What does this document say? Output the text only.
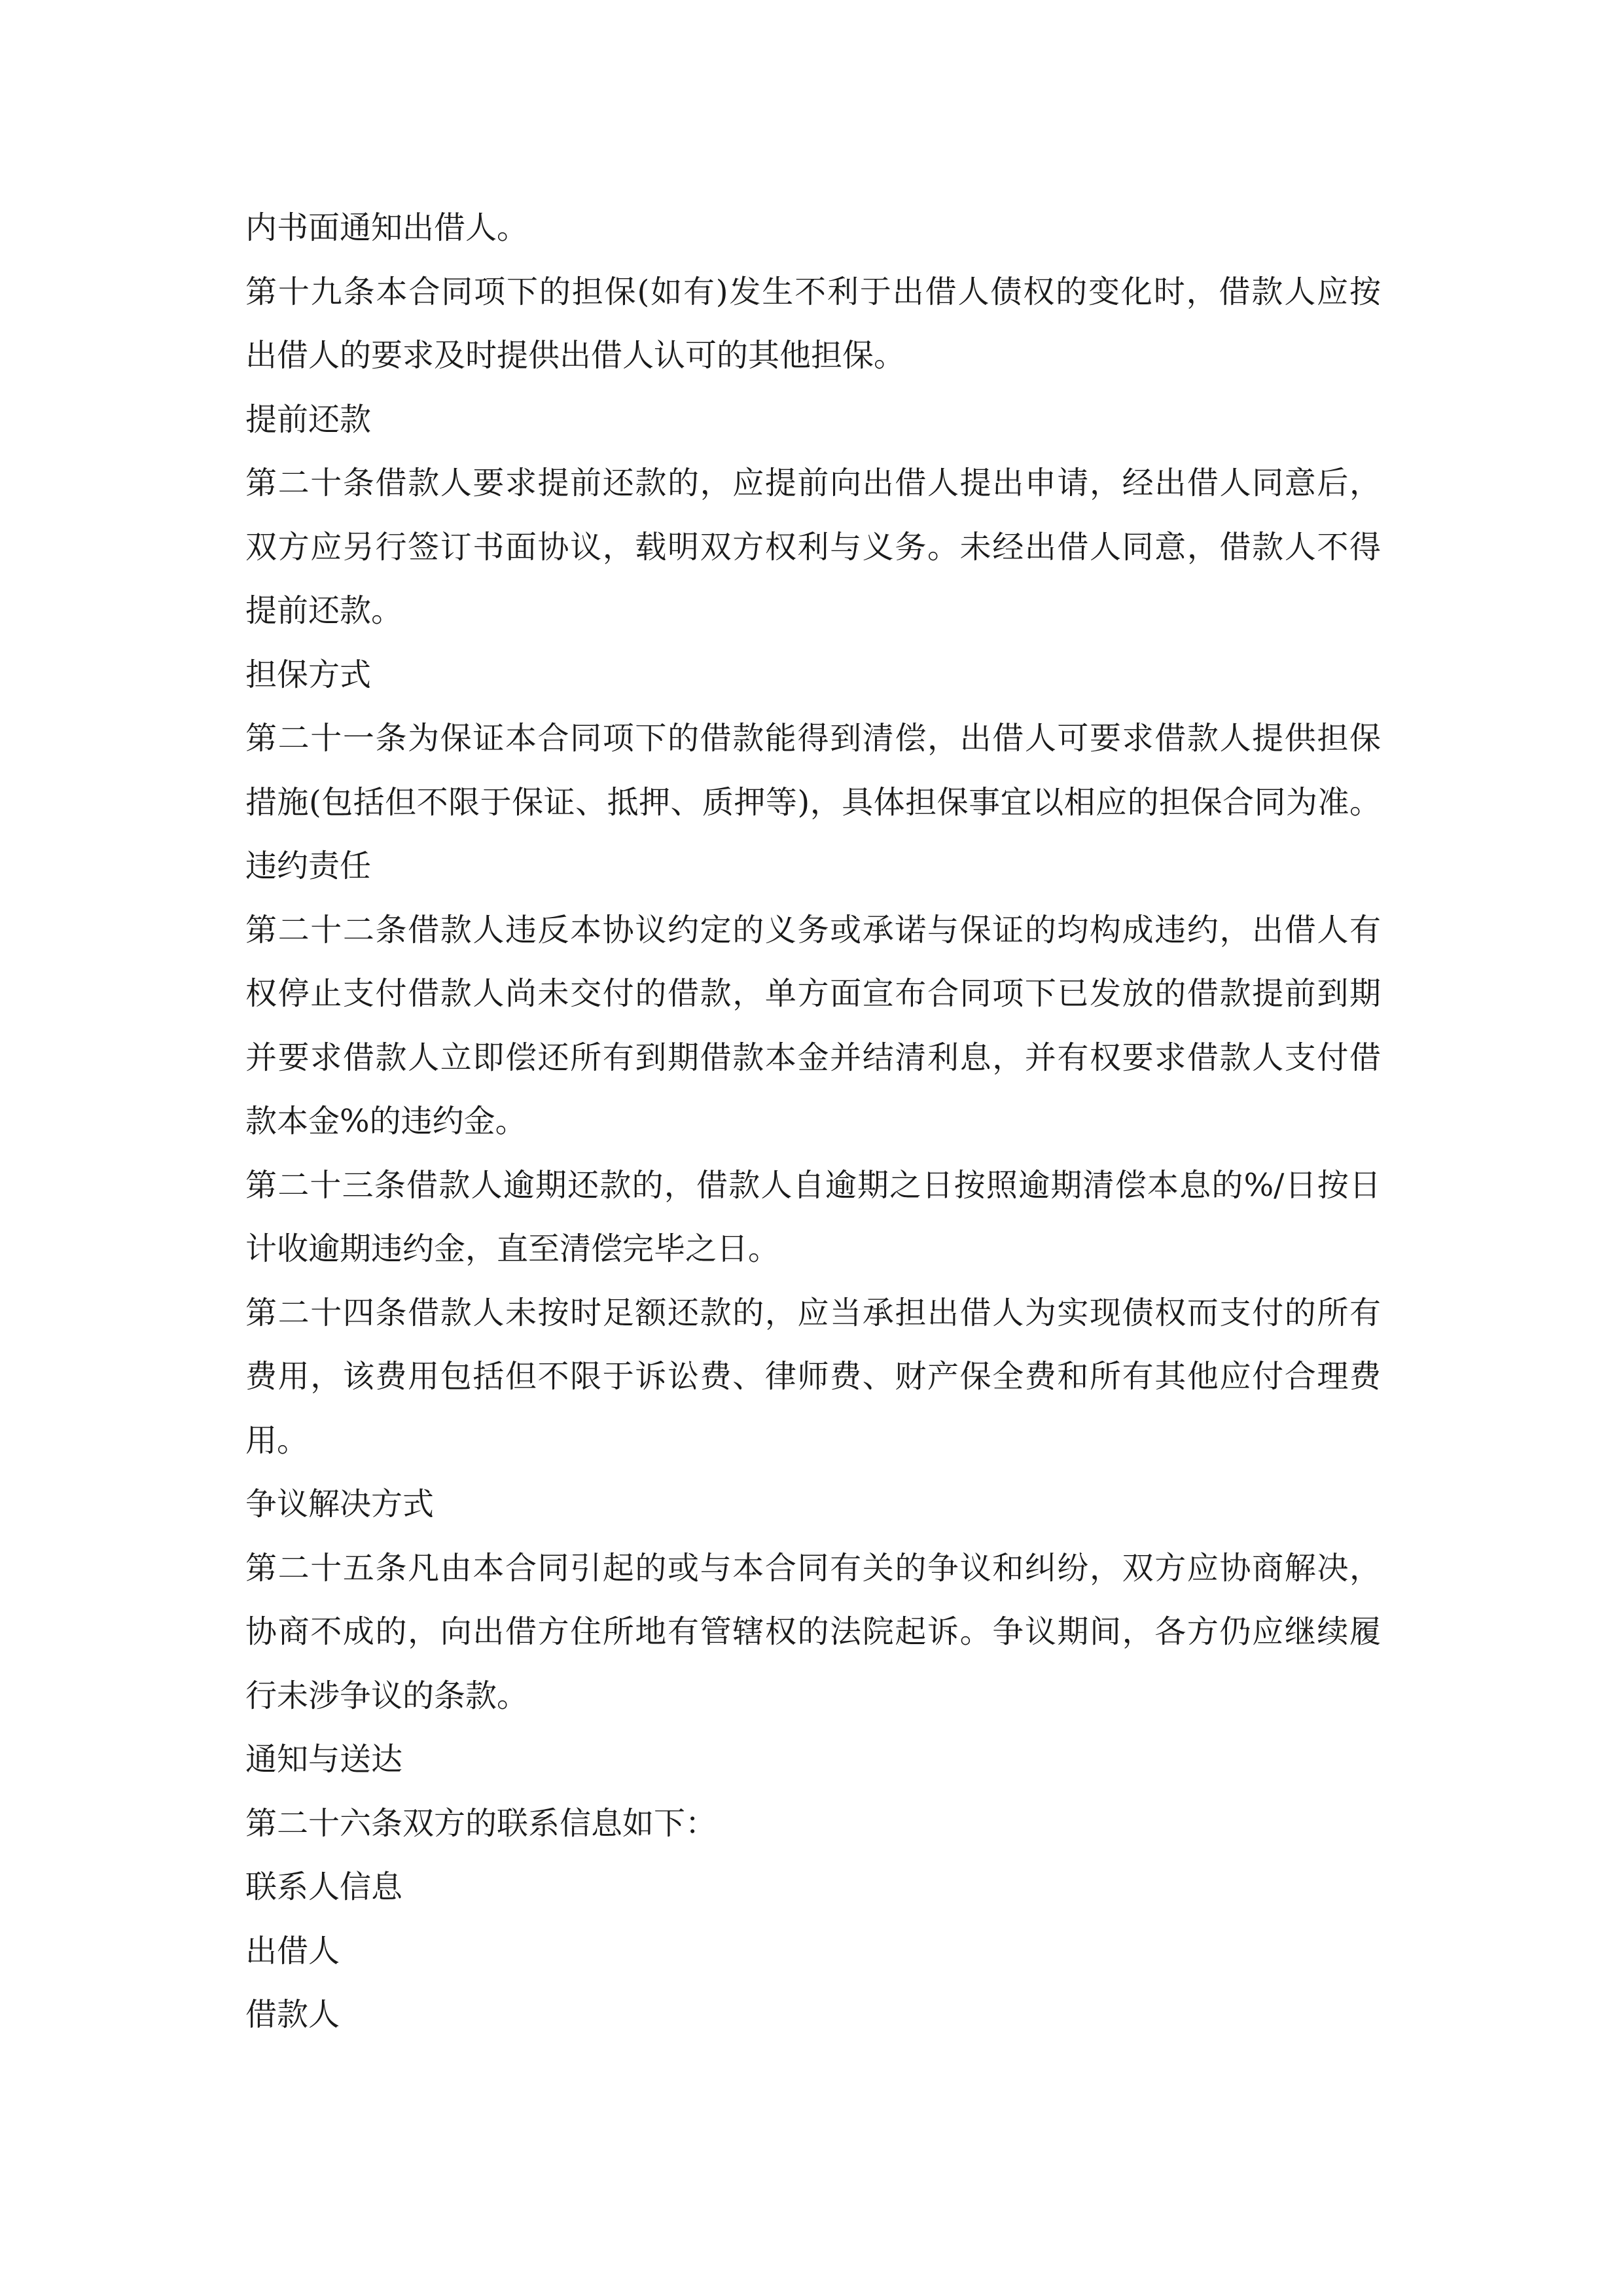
内书面通知出借人。
第十九条本合同项下的担保(如有)发生不利于出借人债权的变化时，借款人应按
出借人的要求及时提供出借人认可的其他担保。
提前还款
第二十条借款人要求提前还款的，应提前向出借人提出申请，经出借人同意后，
双方应另行签订书面协议，载明双方权利与义务。未经出借人同意，借款人不得
提前还款。
担保方式
第二十一条为保证本合同项下的借款能得到清偿，出借人可要求借款人提供担保
措施(包括但不限于保证、抵押、质押等)，具体担保事宜以相应的担保合同为准。
违约责任
第二十二条借款人违反本协议约定的义务或承诺与保证的均构成违约，出借人有
权停止支付借款人尚未交付的借款，单方面宣布合同项下已发放的借款提前到期
并要求借款人立即偿还所有到期借款本金并结清利息，并有权要求借款人支付借
款本金%的违约金。
第二十三条借款人逾期还款的，借款人自逾期之日按照逾期清偿本息的%/日按日
计收逾期违约金，直至清偿完毕之日。
第二十四条借款人未按时足额还款的，应当承担出借人为实现债权而支付的所有
费用，该费用包括但不限于诉讼费、律师费、财产保全费和所有其他应付合理费
用。
争议解决方式
第二十五条凡由本合同引起的或与本合同有关的争议和纠纷，双方应协商解决，
协商不成的，向出借方住所地有管辖权的法院起诉。争议期间，各方仍应继续履
行未涉争议的条款。
通知与送达
第二十六条双方的联系信息如下：
联系人信息
出借人
借款人
